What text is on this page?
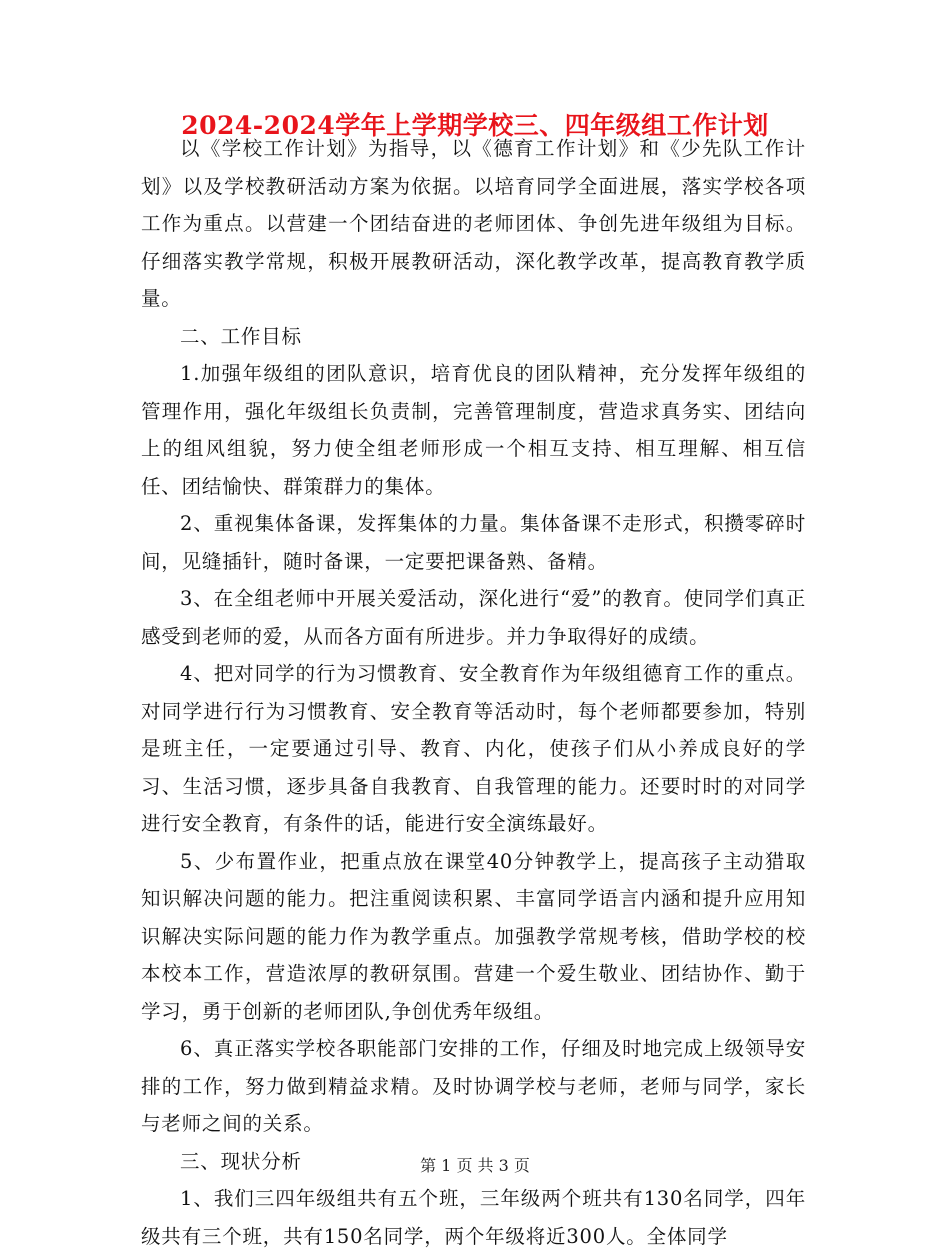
2024-2024学年上学期学校三、四年级组工作计划

以《学校工作计划》为指导，以《德育工作计划》和《少先队工作计划》以及学校教研活动方案为依据。以培育同学全面进展，落实学校各项工作为重点。以营建一个团结奋进的老师团体、争创先进年级组为目标。仔细落实教学常规，积极开展教研活动，深化教学改革，提高教育教学质量。

二、工作目标

1.加强年级组的团队意识，培育优良的团队精神，充分发挥年级组的管理作用，强化年级组长负责制，完善管理制度，营造求真务实、团结向上的组风组貌，努力使全组老师形成一个相互支持、相互理解、相互信任、团结愉快、群策群力的集体。

2、重视集体备课，发挥集体的力量。集体备课不走形式，积攒零碎时间，见缝插针，随时备课，一定要把课备熟、备精。

3、在全组老师中开展关爱活动，深化进行“爱”的教育。使同学们真正感受到老师的爱，从而各方面有所进步。并力争取得好的成绩。

4、把对同学的行为习惯教育、安全教育作为年级组德育工作的重点。对同学进行行为习惯教育、安全教育等活动时，每个老师都要参加，特别是班主任，一定要通过引导、教育、内化，使孩子们从小养成良好的学习、生活习惯，逐步具备自我教育、自我管理的能力。还要时时的对同学进行安全教育，有条件的话，能进行安全演练最好。

5、少布置作业，把重点放在课堂40分钟教学上，提高孩子主动猎取知识解决问题的能力。把注重阅读积累、丰富同学语言内涵和提升应用知识解决实际问题的能力作为教学重点。加强教学常规考核，借助学校的校本校本工作，营造浓厚的教研氛围。营建一个爱生敬业、团结协作、勤于学习，勇于创新的老师团队,争创优秀年级组。

6、真正落实学校各职能部门安排的工作，仔细及时地完成上级领导安排的工作，努力做到精益求精。及时协调学校与老师，老师与同学，家长与老师之间的关系。

三、现状分析

1、我们三四年级组共有五个班，三年级两个班共有130名同学，四年级共有三个班，共有150名同学，两个年级将近300人。全体同学

第 1 页 共 3 页
